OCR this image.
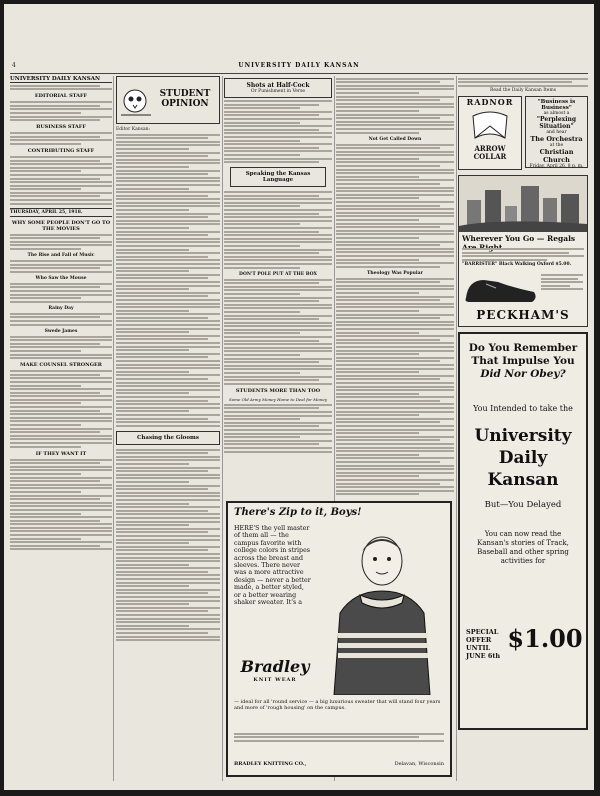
4	UNIVERSITY DAILY KANSAN
UNIVERSITY DAILY KANSAN
EDITORIAL STAFF
BUSINESS STAFF
CONTRIBUTING STAFF
THURSDAY, APRIL 25, 1918.
WHY SOME PEOPLE DON'T GO TO THE MOVIES
The Rise and Fall of Music
Who Saw the Mouse
Rainy Day
Swede James
MAKE COUNSEL STRONGER
IF THEY WANT IT
STUDENT OPINION
Editor Kansan:
Chasing the Glooms
Shots at Half-Cock
Or Punishment in Verse
Speaking the Kansas Language
DON'T POLE PUT AT THE BOX
STUDENTS MORE THAN TOO
Some Old Army Money Home to Deal for Money
There's Zip to it, Boys!
HERE'S the yell master of them all — the campus favorite with college colors in stripes across the breast and sleeves. There never was a more attractive design — never a better made, a better styled, or a better wearing shaker sweater. It's a
Bradley
KNIT WEAR
— ideal for all 'round service — a big luxurious sweater that will stand four years and more of 'rough housing' on the campus.
BRADLEY KNITTING CO.,	Delavan, Wisconsin
Not Get Called Down
Theology Was Popular
Read the Daily Kansan Items
RADNOR
ARROW COLLAR
"Business is Business"
as almost a
"Perplexing Situation"
and hear
The Orchestra
at the
Christian Church
Friday, April 26, 8 p. m.
Wherever You Go — Regals
"BARRISTER" Black Walking Oxford $5.00.
PECKHAM'S
Do You Remember
That Impulse You
Did Nor Obey?
You Intended to take the
University
Daily
Kansan
But—You Delayed
You can now read the Kansan's stories of Track, Baseball and other spring activities for
SPECIAL
OFFER
UNTIL
JUNE 6th
$1.00
